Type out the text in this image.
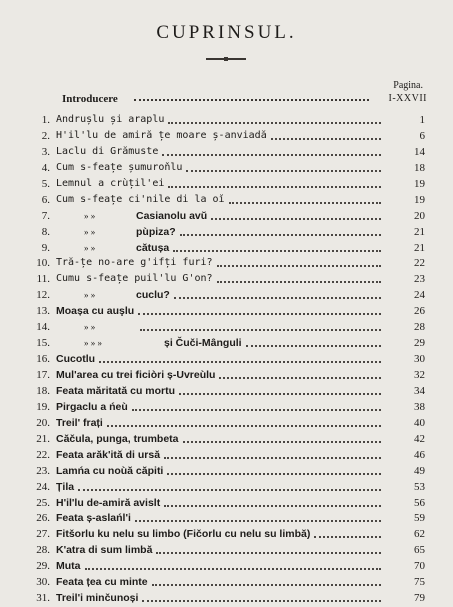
CUPRINSUL.
Pagina.
Introducere	I-XXVII
1. Andrușlu și araplu	1
2. H'il'lu de amiră țe moare ș-anviadă	6
3. Laclu di Grămuste	14
4. Cum s-feațe șumuroňlu	18
5. Lemnul a crùțil'ei	19
6. Cum s-feațe ci'nile di la oĭ	19
7.	» »	Casianolu avŭ	20
8.	» »	pùpiza?	21
9.	» »	cătușa	21
10. Tră-țe no-are g'ifți furi?	22
11. Cumu s-feațe puil'lu G'on?	23
12.	» »	cuclu?	24
13. Moașa cu auşlu	26
14.	» »	28
15.	» » »	și Čuči-Mânguli	29
16. Cucotlu	30
17. Mul'area cu trei ficiòri ș-Uvreùlu	32
18. Feata măritată cu mortu	34
19. Pirgaclu a ńeù	38
20. Treil' frați	40
21. Căčula, punga, trumbeta	42
22. Feata arăk'ită di ursă	46
23. Lamńa cu noùă căpiti	49
24. Țila	53
25. H'il'lu de-amiră avislt	56
26. Feata ș-aslańl'i	59
27. Fitšorlu ku nelu su limbo (Fičorlu cu nelu su limbă)	62
28. K'atra di sum limbă	65
29. Muta	70
30. Feata țea cu minte	75
31. Treil'i minčunoși	79
